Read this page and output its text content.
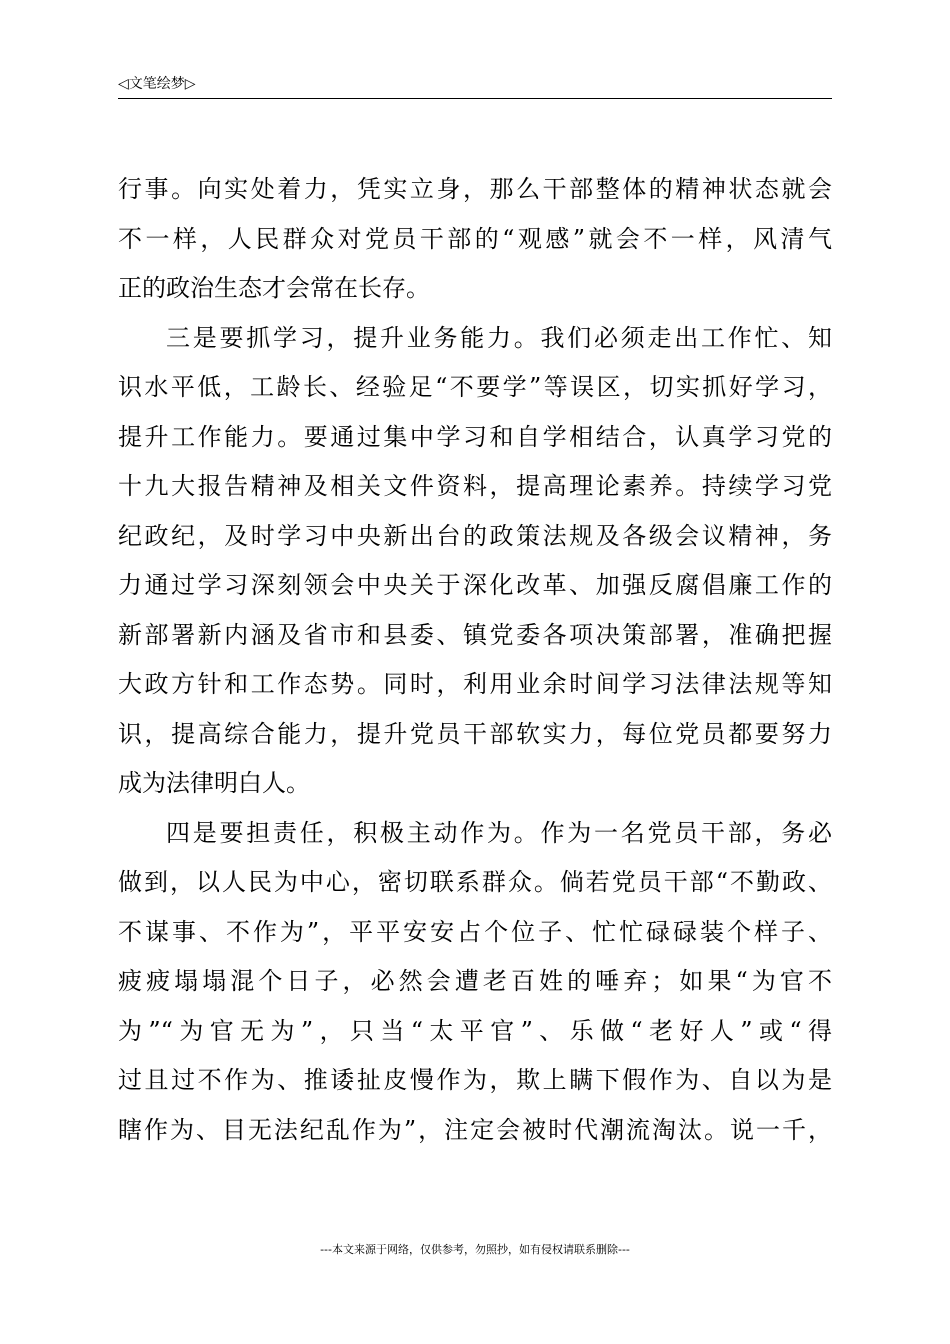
◁文笔绘梦▷
行事。向实处着力，凭实立身，那么干部整体的精神状态就会
不一样，人民群众对党员干部的“观感”就会不一样，风清气
正的政治生态才会常在长存。
三是要抓学习，提升业务能力。我们必须走出工作忙、知
识水平低，工龄长、经验足“不要学”等误区，切实抓好学习，
提升工作能力。要通过集中学习和自学相结合，认真学习党的
十九大报告精神及相关文件资料，提高理论素养。持续学习党
纪政纪，及时学习中央新出台的政策法规及各级会议精神，务
力通过学习深刻领会中央关于深化改革、加强反腐倡廉工作的
新部署新内涵及省市和县委、镇党委各项决策部署，准确把握
大政方针和工作态势。同时，利用业余时间学习法律法规等知
识，提高综合能力，提升党员干部软实力，每位党员都要努力
成为法律明白人。
四是要担责任，积极主动作为。作为一名党员干部，务必
做到，以人民为中心，密切联系群众。倘若党员干部“不勤政、
不谋事、不作为”，平平安安占个位子、忙忙碌碌装个样子、
疲疲塌塌混个日子，必然会遭老百姓的唾弃；如果“为官不
为”“为官无为”，只当“太平官”、乐做“老好人”或“得
过且过不作为、推诿扯皮慢作为，欺上瞒下假作为、自以为是
瞎作为、目无法纪乱作为”，注定会被时代潮流淘汰。说一千，
---本文来源于网络，仅供参考，勿照抄，如有侵权请联系删除---
